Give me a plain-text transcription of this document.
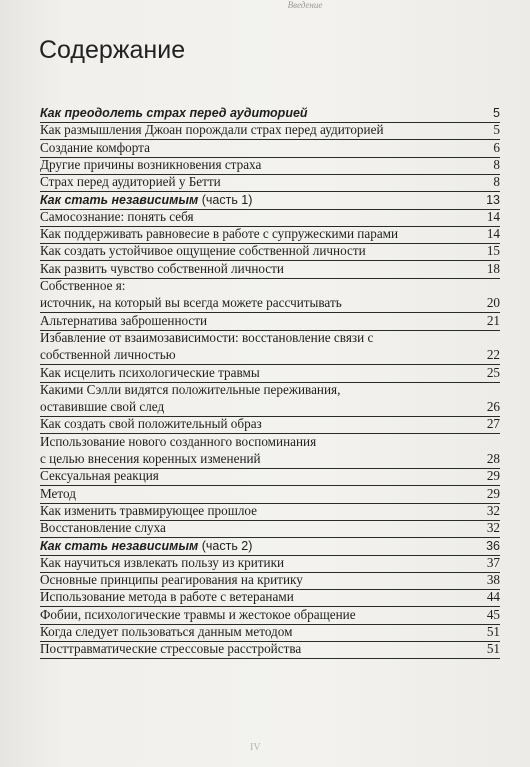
Введение
Содержание
Как преодолеть страх перед аудиторией	5
Как размышления Джоан порождали страх перед аудиторией	5
Создание комфорта	6
Другие причины возникновения страха	8
Страх перед аудиторией у Бетти	8
Как стать независимым (часть 1)	13
Самосознание: понять себя	14
Как поддерживать равновесие в работе с супружескими парами	14
Как создать устойчивое ощущение собственной личности	15
Как развить чувство собственной личности	18
Собственное я:
источник, на который вы всегда можете рассчитывать	20
Альтернатива заброшенности	21
Избавление от взаимозависимости: восстановление связи с
собственной личностью	22
Как исцелить психологические травмы	25
Какими Сэлли видятся положительные переживания,
оставившие свой след	26
Как создать свой положительный образ	27
Использование нового созданного воспоминания
с целью внесения коренных изменений	28
Сексуальная реакция	29
Метод	29
Как изменить травмирующее прошлое	32
Восстановление слуха	32
Как стать независимым (часть 2)	36
Как научиться извлекать пользу из критики	37
Основные принципы реагирования на критику	38
Использование метода в работе с ветеранами	44
Фобии, психологические травмы и жестокое обращение	45
Когда следует пользоваться данным методом	51
Посттравматические стрессовые расстройства	51
IV
